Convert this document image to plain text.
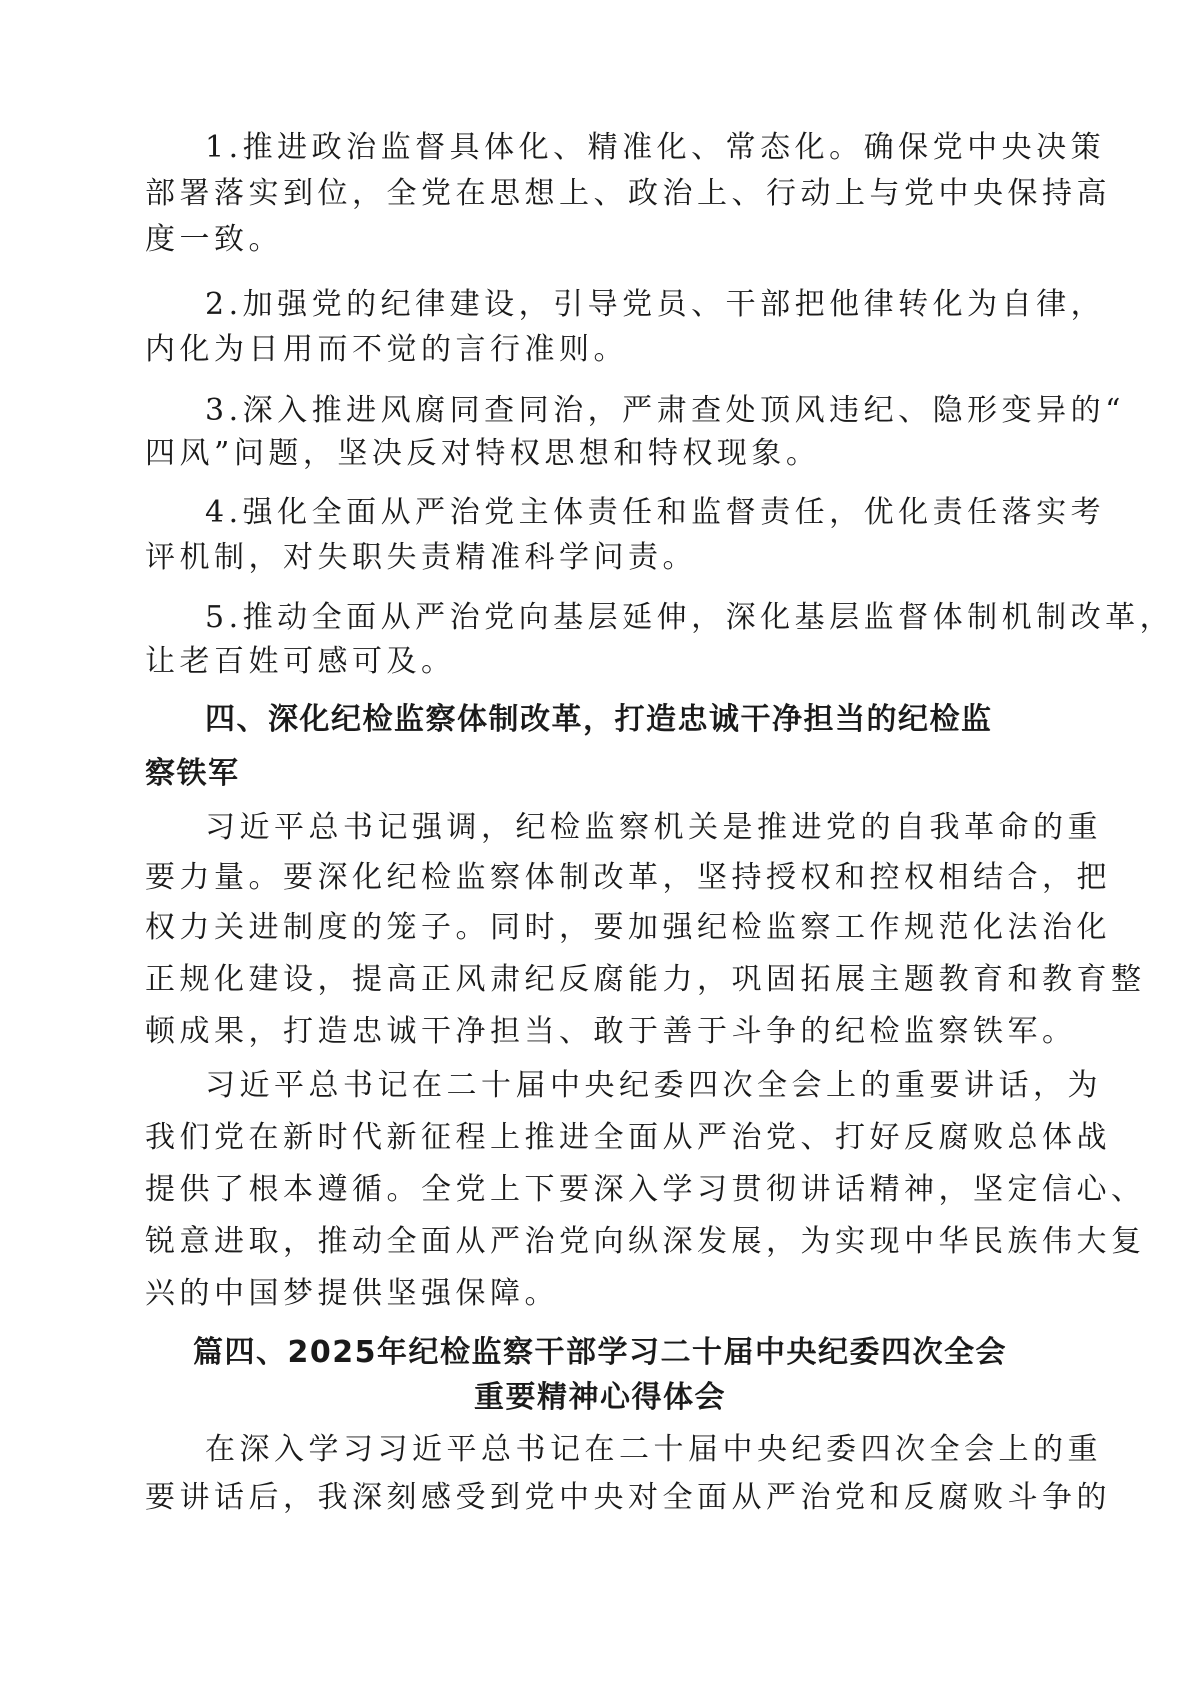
1.推进政治监督具体化、精准化、常态化。确保党中央决策
部署落实到位，全党在思想上、政治上、行动上与党中央保持高
度一致。
2.加强党的纪律建设，引导党员、干部把他律转化为自律，
内化为日用而不觉的言行准则。
3.深入推进风腐同查同治，严肃查处顶风违纪、隐形变异的“
四风”问题，坚决反对特权思想和特权现象。
4.强化全面从严治党主体责任和监督责任，优化责任落实考
评机制，对失职失责精准科学问责。
5.推动全面从严治党向基层延伸，深化基层监督体制机制改革，
让老百姓可感可及。
四、深化纪检监察体制改革，打造忠诚干净担当的纪检监
察铁军
习近平总书记强调，纪检监察机关是推进党的自我革命的重
要力量。要深化纪检监察体制改革，坚持授权和控权相结合，把
权力关进制度的笼子。同时，要加强纪检监察工作规范化法治化
正规化建设，提高正风肃纪反腐能力，巩固拓展主题教育和教育整
顿成果，打造忠诚干净担当、敢于善于斗争的纪检监察铁军。
习近平总书记在二十届中央纪委四次全会上的重要讲话，为
我们党在新时代新征程上推进全面从严治党、打好反腐败总体战
提供了根本遵循。全党上下要深入学习贯彻讲话精神，坚定信心、
锐意进取，推动全面从严治党向纵深发展，为实现中华民族伟大复
兴的中国梦提供坚强保障。
篇四、2025年纪检监察干部学习二十届中央纪委四次全会
重要精神心得体会
在深入学习习近平总书记在二十届中央纪委四次全会上的重
要讲话后，我深刻感受到党中央对全面从严治党和反腐败斗争的
